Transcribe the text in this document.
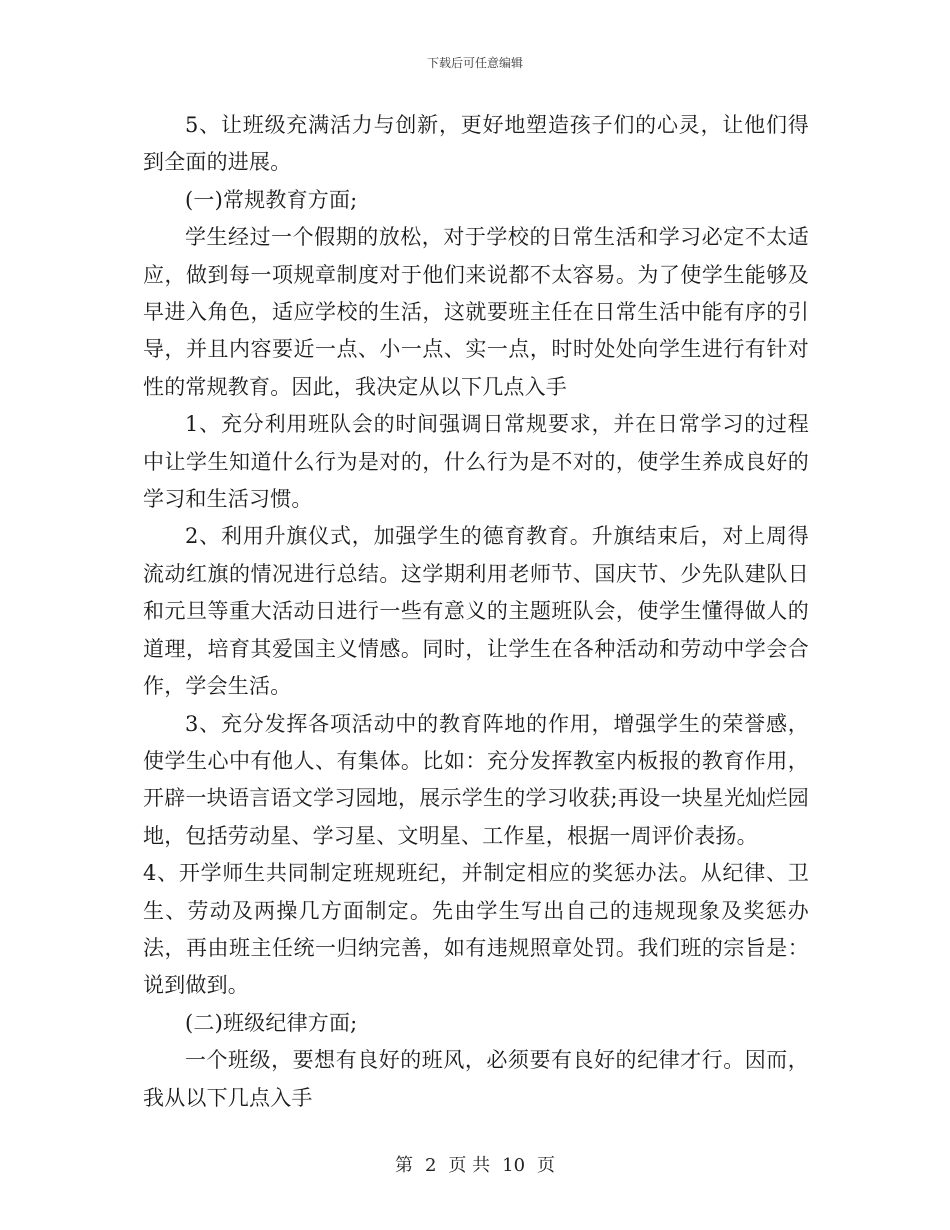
下载后可任意编辑

5、让班级充满活力与创新，更好地塑造孩子们的心灵，让他们得到全面的进展。

(一)常规教育方面;

学生经过一个假期的放松，对于学校的日常生活和学习必定不太适应，做到每一项规章制度对于他们来说都不太容易。为了使学生能够及早进入角色，适应学校的生活，这就要班主任在日常生活中能有序的引导，并且内容要近一点、小一点、实一点，时时处处向学生进行有针对性的常规教育。因此，我决定从以下几点入手

1、充分利用班队会的时间强调日常规要求，并在日常学习的过程中让学生知道什么行为是对的，什么行为是不对的，使学生养成良好的学习和生活习惯。

2、利用升旗仪式，加强学生的德育教育。升旗结束后，对上周得流动红旗的情况进行总结。这学期利用老师节、国庆节、少先队建队日和元旦等重大活动日进行一些有意义的主题班队会，使学生懂得做人的道理，培育其爱国主义情感。同时，让学生在各种活动和劳动中学会合作，学会生活。

3、充分发挥各项活动中的教育阵地的作用，增强学生的荣誉感，使学生心中有他人、有集体。比如：充分发挥教室内板报的教育作用，开辟一块语言语文学习园地，展示学生的学习收获;再设一块星光灿烂园地，包括劳动星、学习星、文明星、工作星，根据一周评价表扬。

4、开学师生共同制定班规班纪，并制定相应的奖惩办法。从纪律、卫生、劳动及两操几方面制定。先由学生写出自己的违规现象及奖惩办法，再由班主任统一归纳完善，如有违规照章处罚。我们班的宗旨是：说到做到。

(二)班级纪律方面;

一个班级，要想有良好的班风，必须要有良好的纪律才行。因而，我从以下几点入手

第 2 页 共 10 页
